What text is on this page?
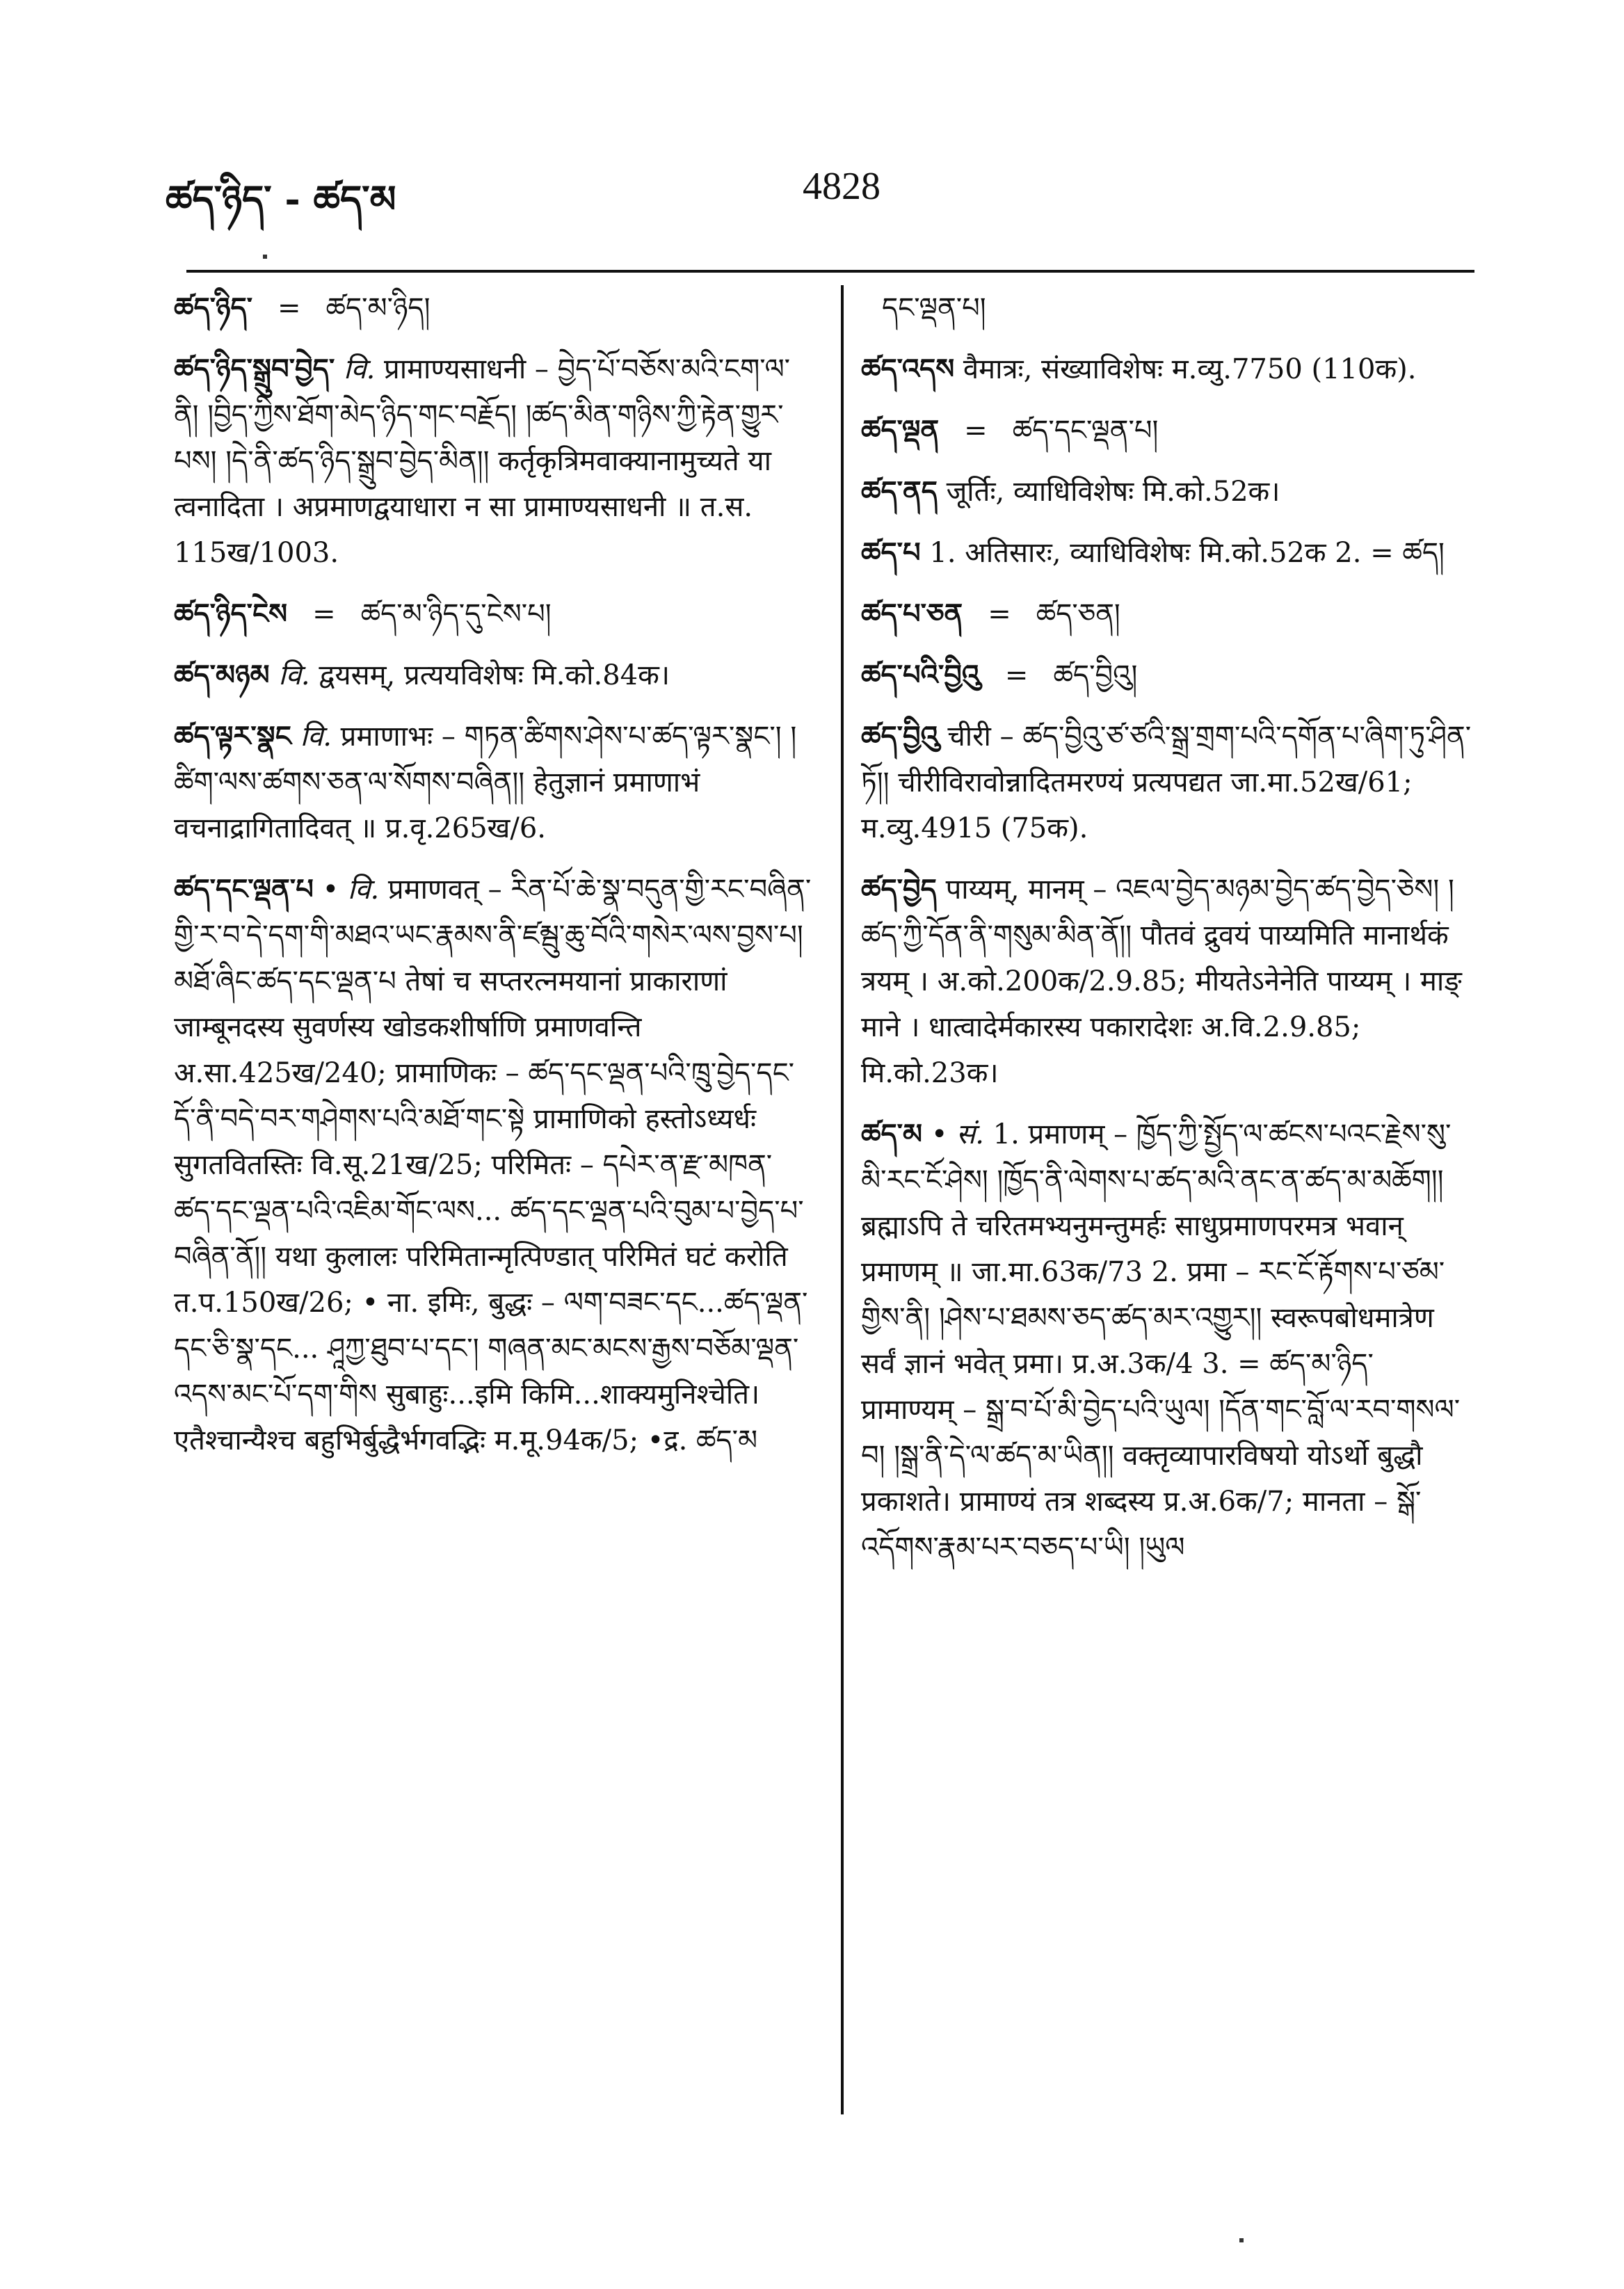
ཚད་ཉིད་ - ཚད་མ	4828
ཚད་ཉིད་ = ཚད་མ་ཉིད།
ཚད་ཉིད་སྒྲུབ་བྱེད་ वि. प्रामाण्यसाधनी – བྱེད་པོ་བཅོས་མའི་ངག་ལ་ནི། །བྱིད་ཀྱིས་ཐོག་མེད་ཉིད་གང་བརྗོད། །ཚད་མིན་གཉིས་ཀྱི་རྟེན་གྱུར་པས། །དེ་ནི་ཚད་ཉིད་སྒྲུབ་བྱེད་མིན།། कर्तृकृत्रिमवाक्यानामुच्यते या त्वनादिता । अप्रमाणद्वयाधारा न सा प्रामाण्यसाधनी ॥ त.स. 115ख/1003.
ཚད་ཉིད་ངེས = ཚད་མ་ཉིད་དུ་ངེས་པ།
ཚད་མཉམ वि. द्वयसम्, प्रत्ययविशेषः मि.को.84क।
ཚད་ལྟར་སྣང वि. प्रमाणाभः – གཏན་ཚིགས་ཤེས་པ་ཚད་ལྟར་སྣང་། །ཚིག་ལས་ཚགས་ཅན་ལ་སོགས་བཞིན།། हेतुज्ञानं प्रमाणाभं वचनाद्रागितादिवत् ॥ प्र.वृ.265ख/6.
ཚད་དང་ལྡན་པ • वि. प्रमाणवत् – རིན་པོ་ཆེ་སྣ་བདུན་གྱི་རང་བཞིན་གྱི་ར་བ་དེ་དག་གི་མཐའ་ཡང་རྣམས་ནི་ཛམྦུ་ཆུ་བོའི་གསེར་ལས་བྱས་པ། མཐོ་ཞིང་ཚད་དང་ལྡན་པ तेषां च सप्तरत्नमयानां प्राकाराणां जाम्बूनदस्य सुवर्णस्य खोडकशीर्षाणि प्रमाणवन्ति अ.सा.425ख/240; प्रामाणिकः – ཚད་དང་ལྡན་པའི་ཁྲུ་བྱེད་དང་དོ་ནི་བདེ་བར་གཤེགས་པའི་མཐོ་གང་སྟེ प्रामाणिको हस्तोऽध्यर्धः सुगतवितस्तिः वि.सू.21ख/25; परिमितः – དཔེར་ན་རྫ་མཁན་ཚད་དང་ལྡན་པའི་འཇིམ་གོང་ལས... ཚད་དང་ལྡན་པའི་བུམ་པ་བྱེད་པ་བཞིན་ནོ།། यथा कुलालः परिमितान्मृत्पिण्डात् परिमितं घटं करोति त.प.150ख/26; • ना. इमिः, बुद्धः – ལག་བཟང་དང...ཚད་ལྡན་དང་ཅི་སྣ་དང... ཤཱཀྱ་ཐུབ་པ་དང་། གཞན་མང་མངས་རྒྱས་བཅོམ་ལྡན་འདས་མང་པོ་དག་གིས सुबाहुः...इमि किमि...शाक्यमुनिश्चेति। एतैश्चान्यैश्च बहुभिर्बुद्धैर्भगवद्भिः म.मू.94क/5; •द्र. ཚད་མ
དང་ལྡན་པ།
ཚད་འདས वैमात्रः, संख्याविशेषः म.व्यु.7750 (110क).
ཚད་ལྡན = ཚད་དང་ལྡན་པ།
ཚད་ནད जूर्तिः, व्याधिविशेषः मि.को.52क।
ཚད་པ 1. अतिसारः, व्याधिविशेषः मि.को.52क 2. = ཚད།
ཚད་པ་ཅན = ཚད་ཅན།
ཚད་པའི་བྱིའུ = ཚད་བྱིའུ།
ཚད་བྱིའུ चीरी – ཚད་བྱིའུ་ཙ་ཙའི་སྒྲ་གྲག་པའི་དགོན་པ་ཞིག་ཏུ་ཤིན་ཏོ།། चीरीविरावोन्नादितमरण्यं प्रत्यपद्यत जा.मा.52ख/61; म.व्यु.4915 (75क).
ཚད་བྱེད पाय्यम्, मानम् – འཇལ་བྱེད་མཉམ་བྱེད་ཚད་བྱེད་ཅེས། །ཚད་ཀྱི་དོན་ནི་གསུམ་མིན་ནོ།། पौतवं द्रुवयं पाय्यमिति मानार्थकं त्रयम् । अ.को.200क/2.9.85; मीयतेऽनेनेति पाय्यम् । माङ् माने । धात्वादेर्मकारस्य पकारादेशः अ.वि.2.9.85; मि.को.23क।
ཚད་མ • सं. 1. प्रमाणम् – ཁྱོད་ཀྱི་སྤྱོད་ལ་ཚངས་པའང་རྗེས་སུ་མི་རང་ངོ་ཤེས། །ཁྱོད་ནི་ལེགས་པ་ཚད་མའི་ནང་ན་ཚད་མ་མཆོག།། ब्रह्माऽपि ते चरितमभ्यनुमन्तुमर्हः साधुप्रमाणपरमत्र भवान् प्रमाणम् ॥ जा.मा.63क/73 2. प्रमा – རང་ངོ་རྟོགས་པ་ཙམ་གྱིས་ནི། །ཤེས་པ་ཐམས་ཅད་ཚད་མར་འགྱུར།། स्वरूपबोधमात्रेण सर्वं ज्ञानं भवेत् प्रमा। प्र.अ.3क/4 3. = ཚད་མ་ཉིད་ प्रामाण्यम् – སྒྲ་བ་པོ་མི་བྱེད་པའི་ཡུལ། །དོན་གང་བློ་ལ་རབ་གསལ་བ། །སྒྲ་ནི་དེ་ལ་ཚད་མ་ཡིན།། वक्तृव्यापारविषयो योऽर्थो बुद्धौ प्रकाशते। प्रामाण्यं तत्र शब्दस्य प्र.अ.6क/7; मानता – སྒོ་འདོགས་རྣམ་པར་བཅད་པ་ཡི། །ཡུལ
